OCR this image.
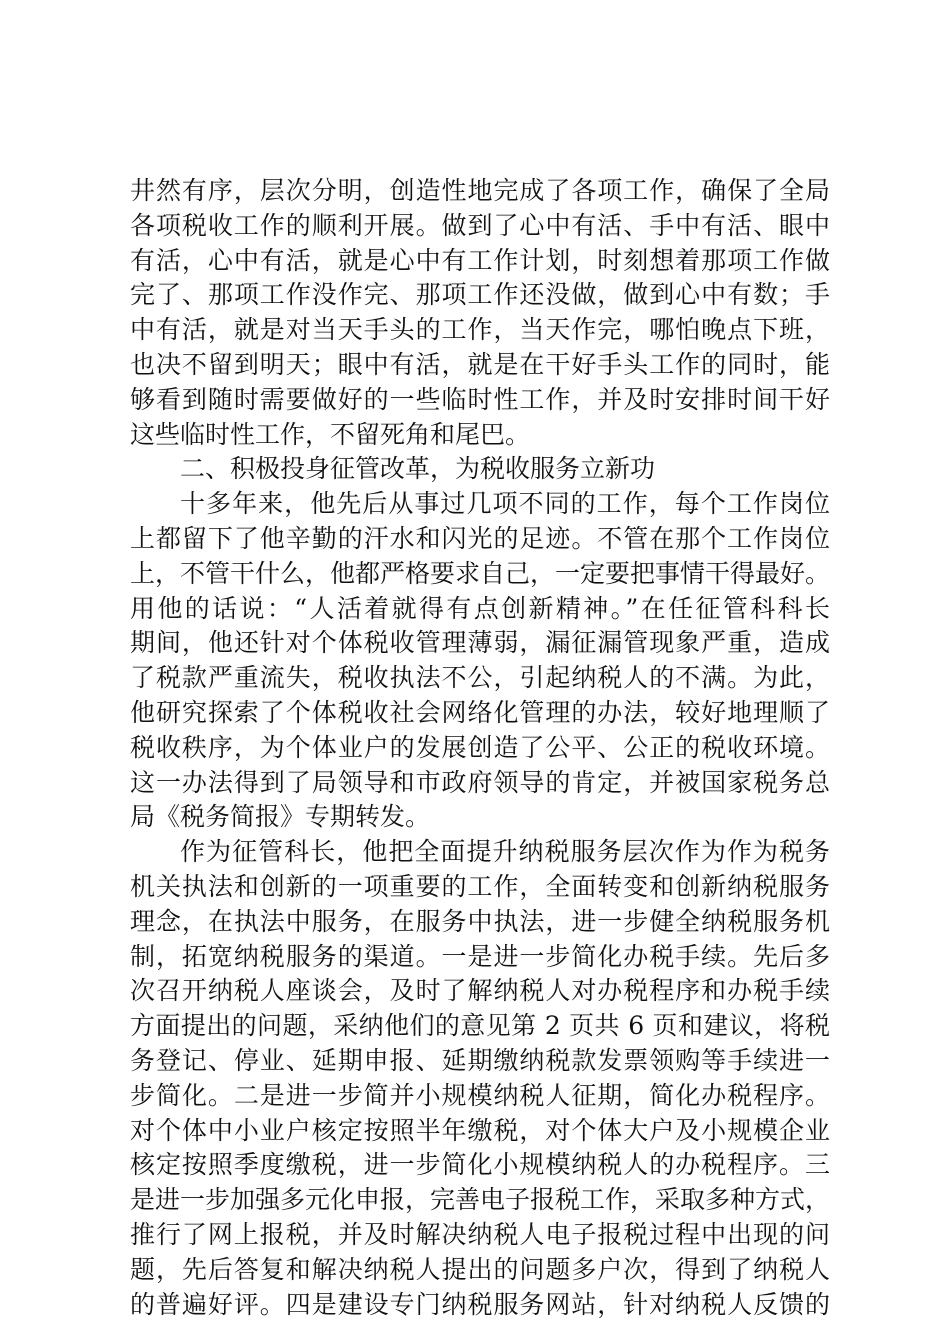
井然有序，层次分明，创造性地完成了各项工作，确保了全局
各项税收工作的顺利开展。做到了心中有活、手中有活、眼中
有活，心中有活，就是心中有工作计划，时刻想着那项工作做
完了、那项工作没作完、那项工作还没做，做到心中有数；手
中有活，就是对当天手头的工作，当天作完，哪怕晚点下班，
也决不留到明天；眼中有活，就是在干好手头工作的同时，能
够看到随时需要做好的一些临时性工作，并及时安排时间干好
这些临时性工作，不留死角和尾巴。
二、积极投身征管改革，为税收服务立新功
十多年来，他先后从事过几项不同的工作，每个工作岗位
上都留下了他辛勤的汗水和闪光的足迹。不管在那个工作岗位
上，不管干什么，他都严格要求自己，一定要把事情干得最好。
用他的话说：“人活着就得有点创新精神。”在任征管科科长
期间，他还针对个体税收管理薄弱，漏征漏管现象严重，造成
了税款严重流失，税收执法不公，引起纳税人的不满。为此，
他研究探索了个体税收社会网络化管理的办法，较好地理顺了
税收秩序，为个体业户的发展创造了公平、公正的税收环境。
这一办法得到了局领导和市政府领导的肯定，并被国家税务总
局《税务简报》专期转发。
作为征管科长，他把全面提升纳税服务层次作为作为税务
机关执法和创新的一项重要的工作，全面转变和创新纳税服务
理念，在执法中服务，在服务中执法，进一步健全纳税服务机
制，拓宽纳税服务的渠道。一是进一步简化办税手续。先后多
次召开纳税人座谈会，及时了解纳税人对办税程序和办税手续
方面提出的问题，采纳他们的意见第 2 页共 6 页和建议，将税
务登记、停业、延期申报、延期缴纳税款发票领购等手续进一
步简化。二是进一步简并小规模纳税人征期，简化办税程序。
对个体中小业户核定按照半年缴税，对个体大户及小规模企业
核定按照季度缴税，进一步简化小规模纳税人的办税程序。三
是进一步加强多元化申报，完善电子报税工作，采取多种方式，
推行了网上报税，并及时解决纳税人电子报税过程中出现的问
题，先后答复和解决纳税人提出的问题多户次，得到了纳税人
的普遍好评。四是建设专门纳税服务网站，针对纳税人反馈的
